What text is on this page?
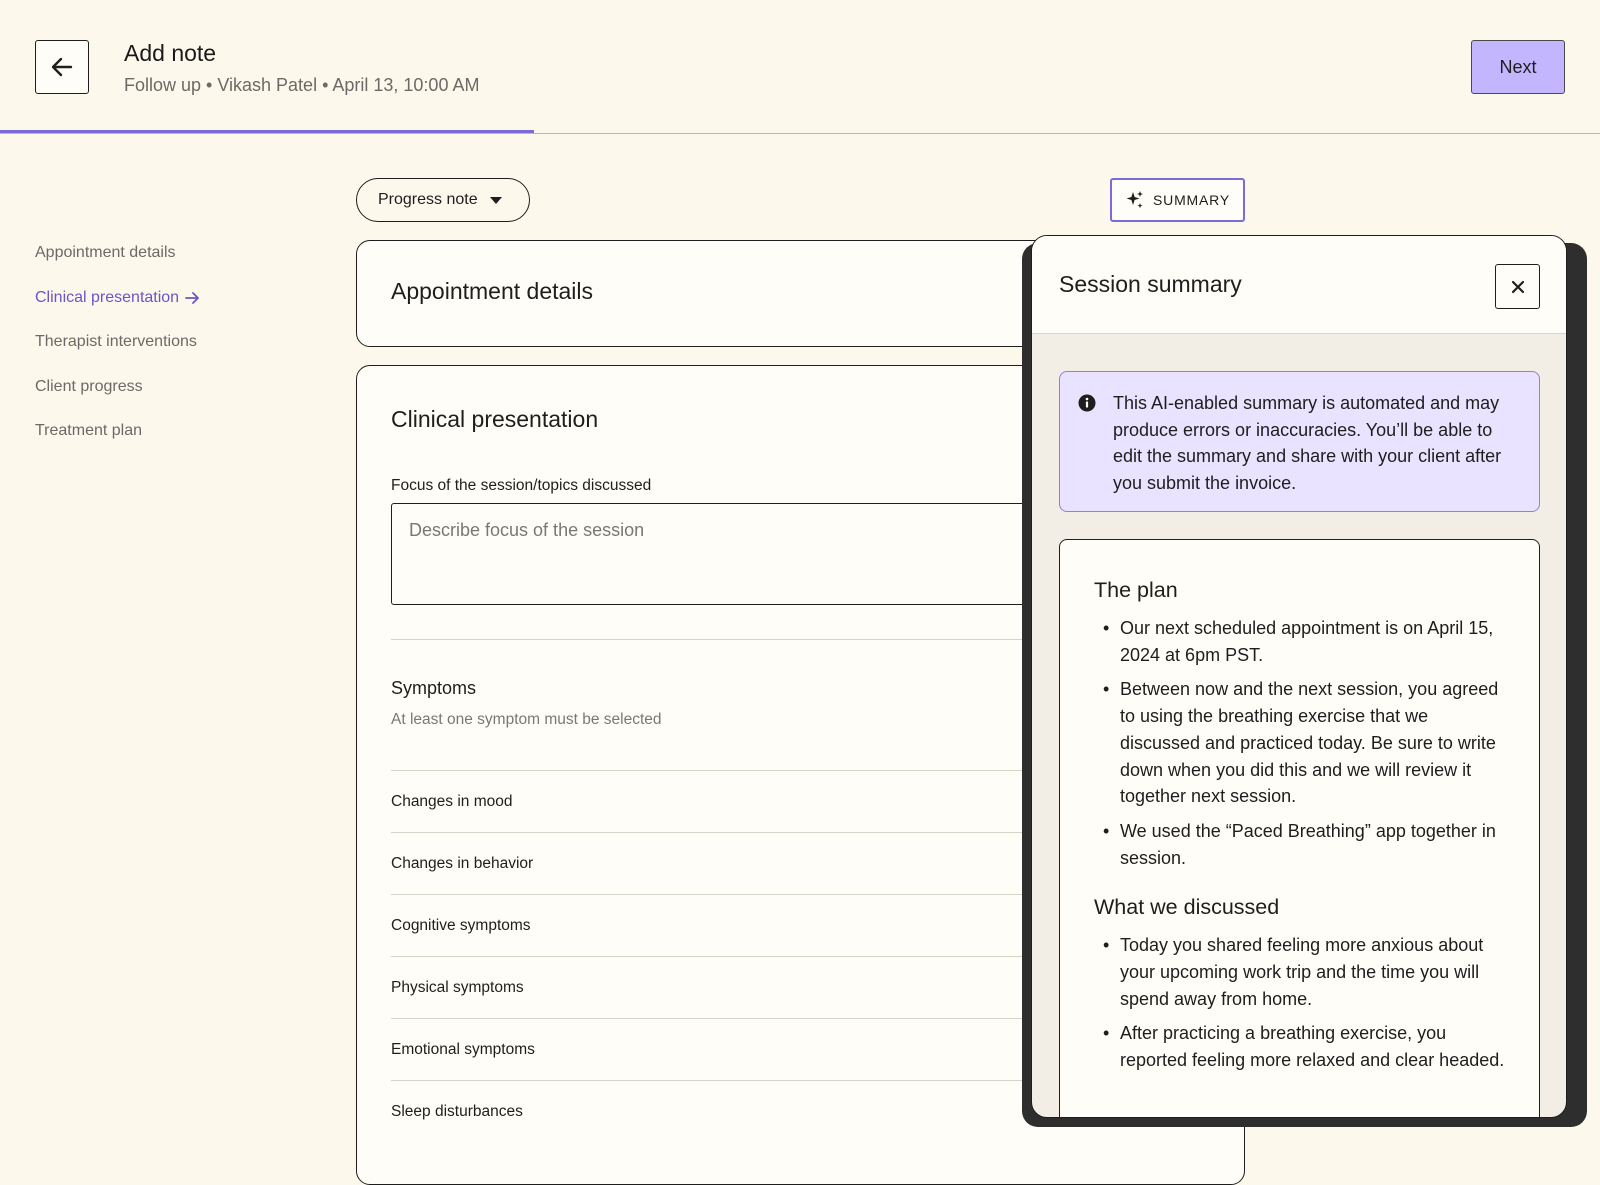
Add note
Follow up • Vikash Patel • April 13, 10:00 AM
Next
Appointment details
Clinical presentation
Therapist interventions
Client progress
Treatment plan
Progress note	SUMMARY
Appointment details
Clinical presentation
Focus of the session/topics discussed
Describe focus of the session
Symptoms
At least one symptom must be selected
Changes in mood
Changes in behavior
Cognitive symptoms
Physical symptoms
Emotional symptoms
Sleep disturbances
Session summary
This AI-enabled summary is automated and may produce errors or inaccuracies. You’ll be able to edit the summary and share with your client after you submit the invoice.
The plan
• Our next scheduled appointment is on April 15, 2024 at 6pm PST.
• Between now and the next session, you agreed to using the breathing exercise that we discussed and practiced today. Be sure to write down when you did this and we will review it together next session.
• We used the “Paced Breathing” app together in session.
What we discussed
• Today you shared feeling more anxious about your upcoming work trip and the time you will spend away from home.
• After practicing a breathing exercise, you reported feeling more relaxed and clear headed.
